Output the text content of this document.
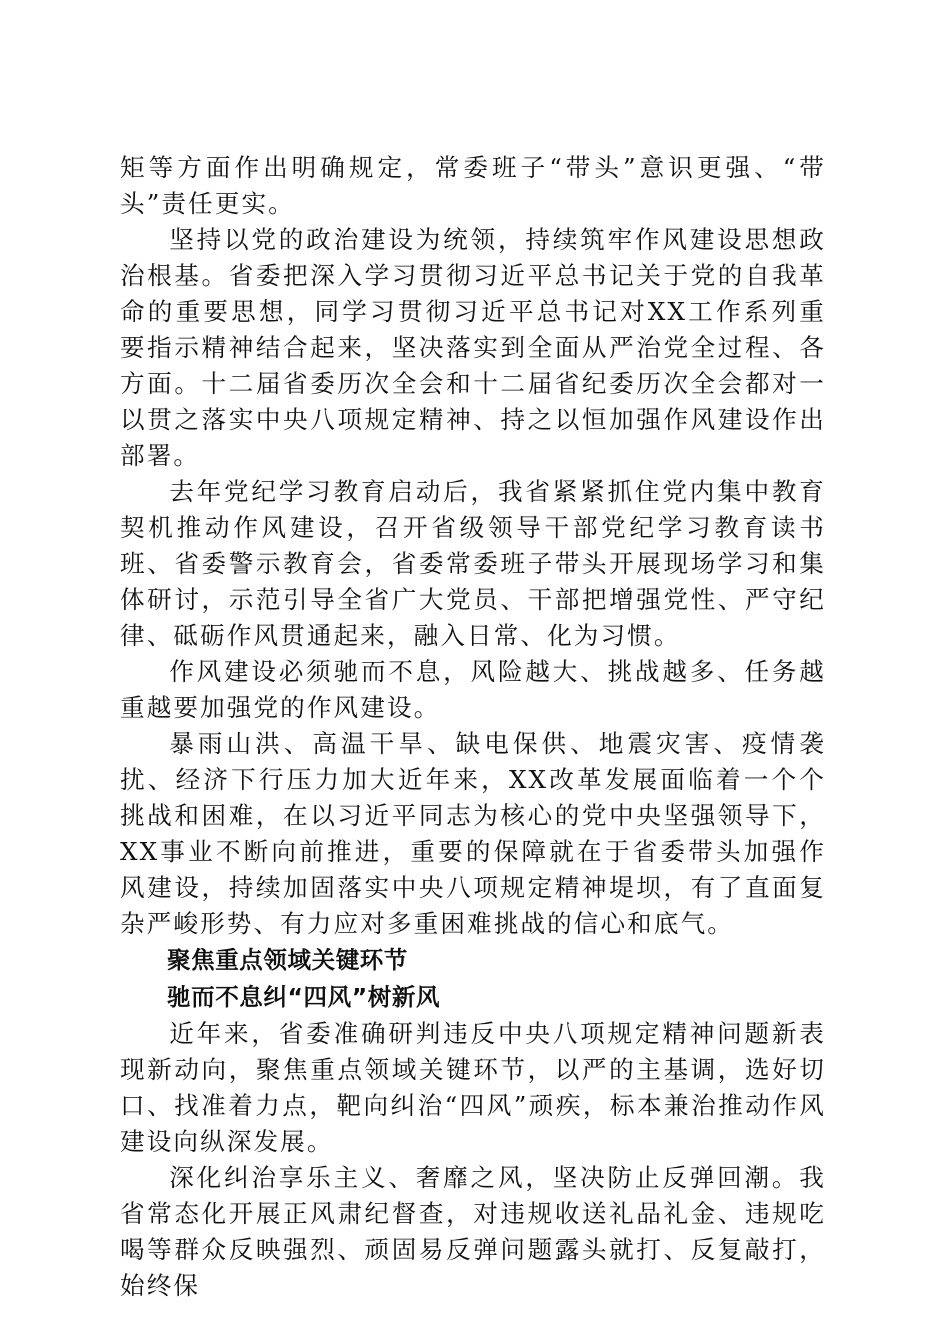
矩等方面作出明确规定，常委班子“带头”意识更强、“带头”责任更实。

坚持以党的政治建设为统领，持续筑牢作风建设思想政治根基。省委把深入学习贯彻习近平总书记关于党的自我革命的重要思想，同学习贯彻习近平总书记对XX工作系列重要指示精神结合起来，坚决落实到全面从严治党全过程、各方面。十二届省委历次全会和十二届省纪委历次全会都对一以贯之落实中央八项规定精神、持之以恒加强作风建设作出部署。

去年党纪学习教育启动后，我省紧紧抓住党内集中教育契机推动作风建设，召开省级领导干部党纪学习教育读书班、省委警示教育会，省委常委班子带头开展现场学习和集体研讨，示范引导全省广大党员、干部把增强党性、严守纪律、砥砺作风贯通起来，融入日常、化为习惯。

作风建设必须驰而不息，风险越大、挑战越多、任务越重越要加强党的作风建设。

暴雨山洪、高温干旱、缺电保供、地震灾害、疫情袭扰、经济下行压力加大近年来，XX改革发展面临着一个个挑战和困难，在以习近平同志为核心的党中央坚强领导下，XX事业不断向前推进，重要的保障就在于省委带头加强作风建设，持续加固落实中央八项规定精神堤坝，有了直面复杂严峻形势、有力应对多重困难挑战的信心和底气。

聚焦重点领域关键环节

驰而不息纠“四风”树新风

近年来，省委准确研判违反中央八项规定精神问题新表现新动向，聚焦重点领域关键环节，以严的主基调，选好切口、找准着力点，靶向纠治“四风”顽疾，标本兼治推动作风建设向纵深发展。

深化纠治享乐主义、奢靡之风，坚决防止反弹回潮。我省常态化开展正风肃纪督查，对违规收送礼品礼金、违规吃喝等群众反映强烈、顽固易反弹问题露头就打、反复敲打，始终保
